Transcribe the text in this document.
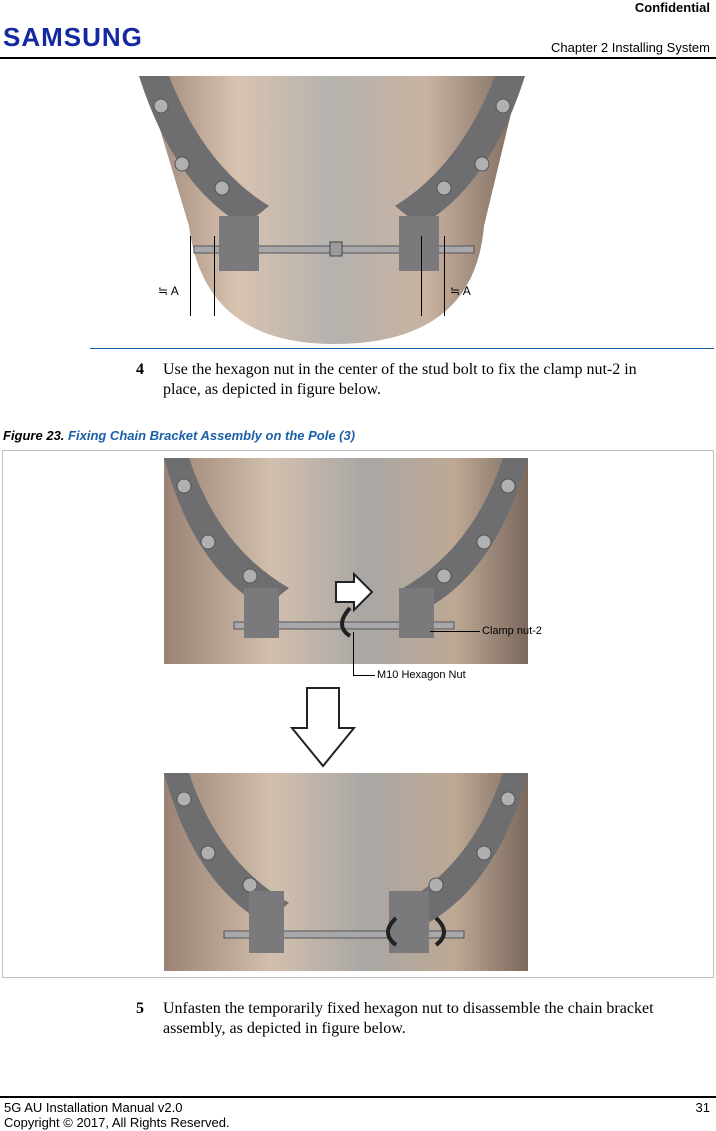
Confidential
SAMSUNG	Chapter 2 Installing System
≒ A	≒ A
4 Use the hexagon nut in the center of the stud bolt to fix the clamp nut-2 in
place, as depicted in figure below.
Figure 23. Fixing Chain Bracket Assembly on the Pole (3)
Clamp nut-2
M10 Hexagon Nut
5 Unfasten the temporarily fixed hexagon nut to disassemble the chain bracket
assembly, as depicted in figure below.
5G AU Installation Manual v2.0	31
Copyright © 2017, All Rights Reserved.
